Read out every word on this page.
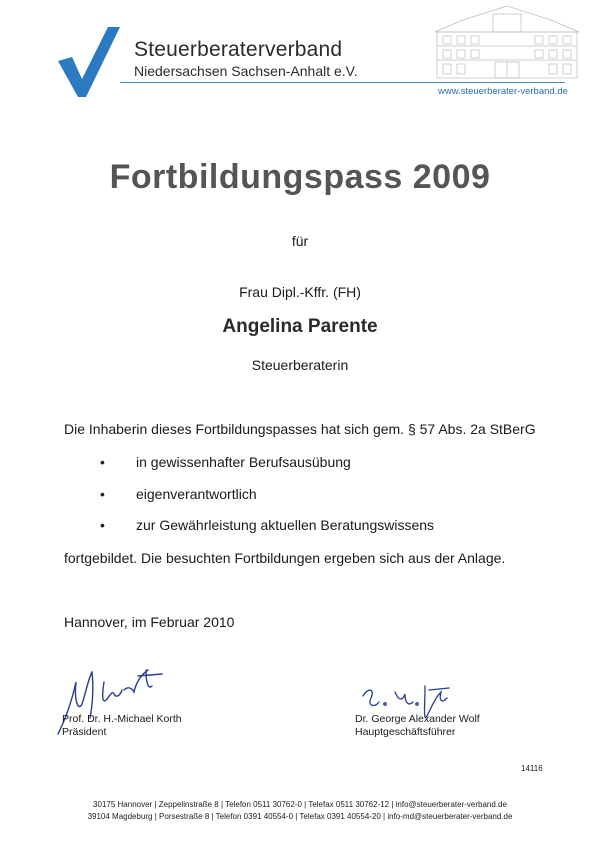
Steuerberaterverband
Niedersachsen Sachsen-Anhalt e.V.
www.steuerberater-verband.de
Fortbildungspass 2009
für
Frau Dipl.-Kffr. (FH)
Angelina Parente
Steuerberaterin
Die Inhaberin dieses Fortbildungspasses hat sich gem. § 57 Abs. 2a StBerG
• in gewissenhafter Berufsausübung
• eigenverantwortlich
• zur Gewährleistung aktuellen Beratungswissens
fortgebildet. Die besuchten Fortbildungen ergeben sich aus der Anlage.
Hannover, im Februar 2010
Prof. Dr. H.-Michael Korth
Präsident
Dr. George Alexander Wolf
Hauptgeschäftsführer
14116
30175 Hannover | Zeppelinstraße 8 | Telefon 0511 30762-0 | Telefax 0511 30762-12 | info@steuerberater-verband.de
39104 Magdeburg | Porsestraße 8 | Telefon 0391 40554-0 | Telefax 0391 40554-20 | info-md@steuerberater-verband.de
